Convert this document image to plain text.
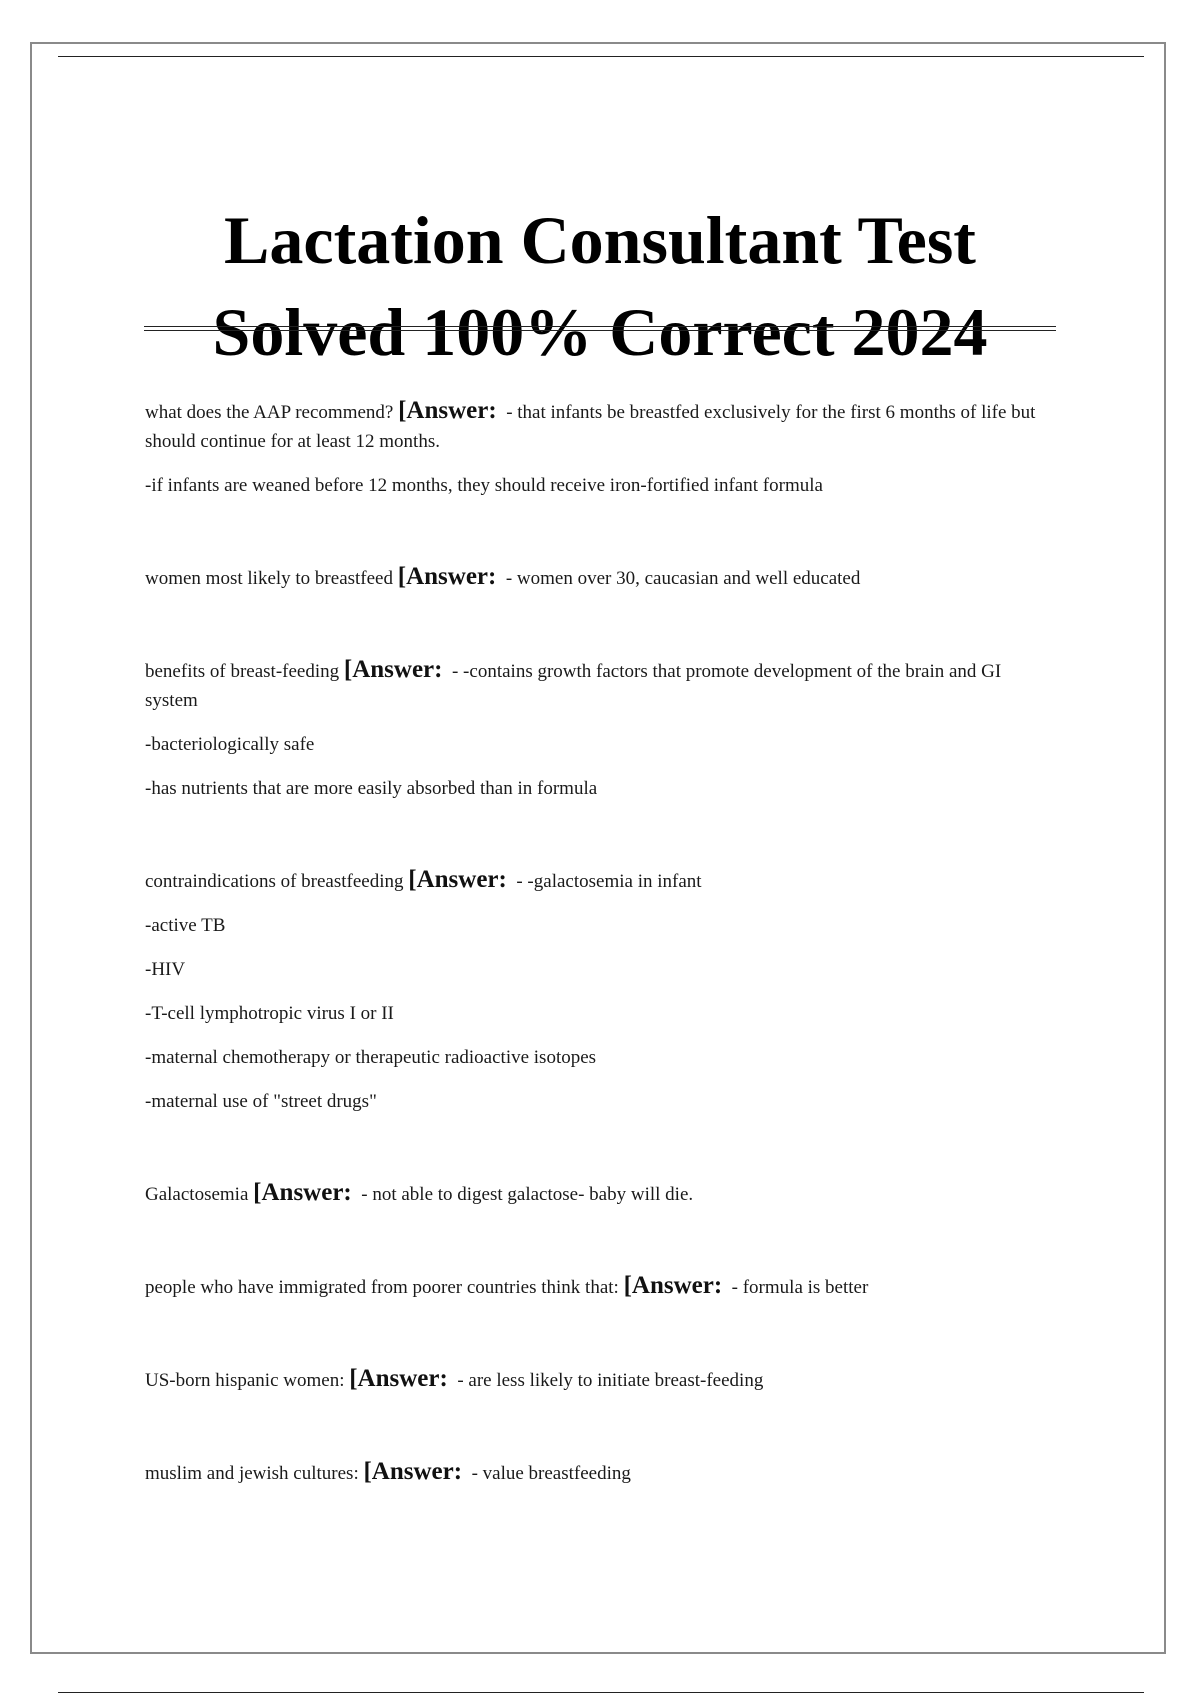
Lactation Consultant Test
Solved 100% Correct 2024

what does the AAP recommend? [Answer: - that infants be breastfed exclusively for the first 6 months of life but should continue for at least 12 months.

-if infants are weaned before 12 months, they should receive iron-fortified infant formula

women most likely to breastfeed [Answer: - women over 30, caucasian and well educated

benefits of breast-feeding [Answer: - -contains growth factors that promote development of the brain and GI system

-bacteriologically safe

-has nutrients that are more easily absorbed than in formula

contraindications of breastfeeding [Answer: - -galactosemia in infant

-active TB

-HIV

-T-cell lymphotropic virus I or II

-maternal chemotherapy or therapeutic radioactive isotopes

-maternal use of "street drugs"

Galactosemia [Answer: - not able to digest galactose- baby will die.

people who have immigrated from poorer countries think that: [Answer: - formula is better

US-born hispanic women: [Answer: - are less likely to initiate breast-feeding

muslim and jewish cultures: [Answer: - value breastfeeding
